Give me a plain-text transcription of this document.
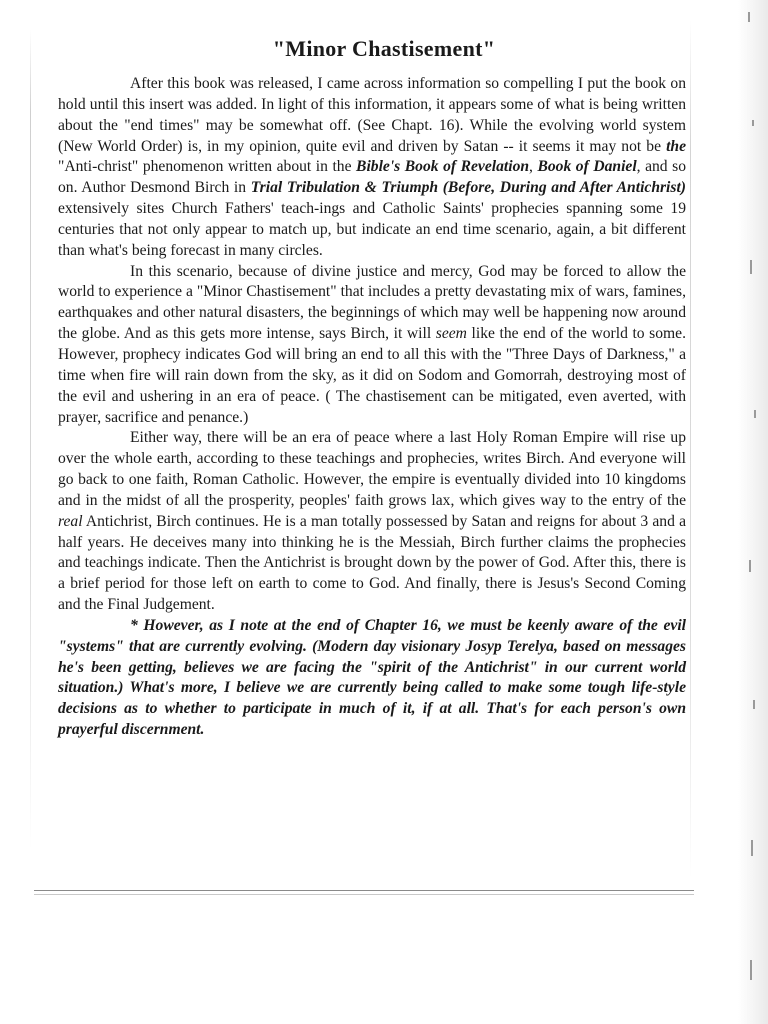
"Minor Chastisement"

After this book was released, I came across information so compelling I put the book on hold until this insert was added. In light of this information, it appears some of what is being written about the "end times" may be somewhat off. (See Chapt. 16). While the evolving world system (New World Order) is, in my opinion, quite evil and driven by Satan -- it seems it may not be the "Anti-christ" phenomenon written about in the Bible's Book of Revelation, Book of Daniel, and so on. Author Desmond Birch in Trial Tribulation & Triumph (Before, During and After Antichrist) extensively sites Church Fathers' teach-ings and Catholic Saints' prophecies spanning some 19 centuries that not only appear to match up, but indicate an end time scenario, again, a bit different than what's being forecast in many circles.

In this scenario, because of divine justice and mercy, God may be forced to allow the world to experience a "Minor Chastisement" that includes a pretty devastating mix of wars, famines, earthquakes and other natural disasters, the beginnings of which may well be happening now around the globe. And as this gets more intense, says Birch, it will seem like the end of the world to some. However, prophecy indicates God will bring an end to all this with the "Three Days of Darkness," a time when fire will rain down from the sky, as it did on Sodom and Gomorrah, destroying most of the evil and ushering in an era of peace. ( The chastisement can be mitigated, even averted, with prayer, sacrifice and penance.)

Either way, there will be an era of peace where a last Holy Roman Empire will rise up over the whole earth, according to these teachings and prophecies, writes Birch. And everyone will go back to one faith, Roman Catholic. However, the empire is eventually divided into 10 kingdoms and in the midst of all the prosperity, peoples' faith grows lax, which gives way to the entry of the real Antichrist, Birch continues. He is a man totally possessed by Satan and reigns for about 3 and a half years. He deceives many into thinking he is the Messiah, Birch further claims the prophecies and teachings indicate. Then the Antichrist is brought down by the power of God. After this, there is a brief period for those left on earth to come to God. And finally, there is Jesus's Second Coming and the Final Judgement.

* However, as I note at the end of Chapter 16, we must be keenly aware of the evil "systems" that are currently evolving. (Modern day visionary Josyp Terelya, based on messages he's been getting, believes we are facing the "spirit of the Antichrist" in our current world situation.) What's more, I believe we are currently being called to make some tough life-style decisions as to whether to participate in much of it, if at all. That's for each person's own prayerful discernment.
